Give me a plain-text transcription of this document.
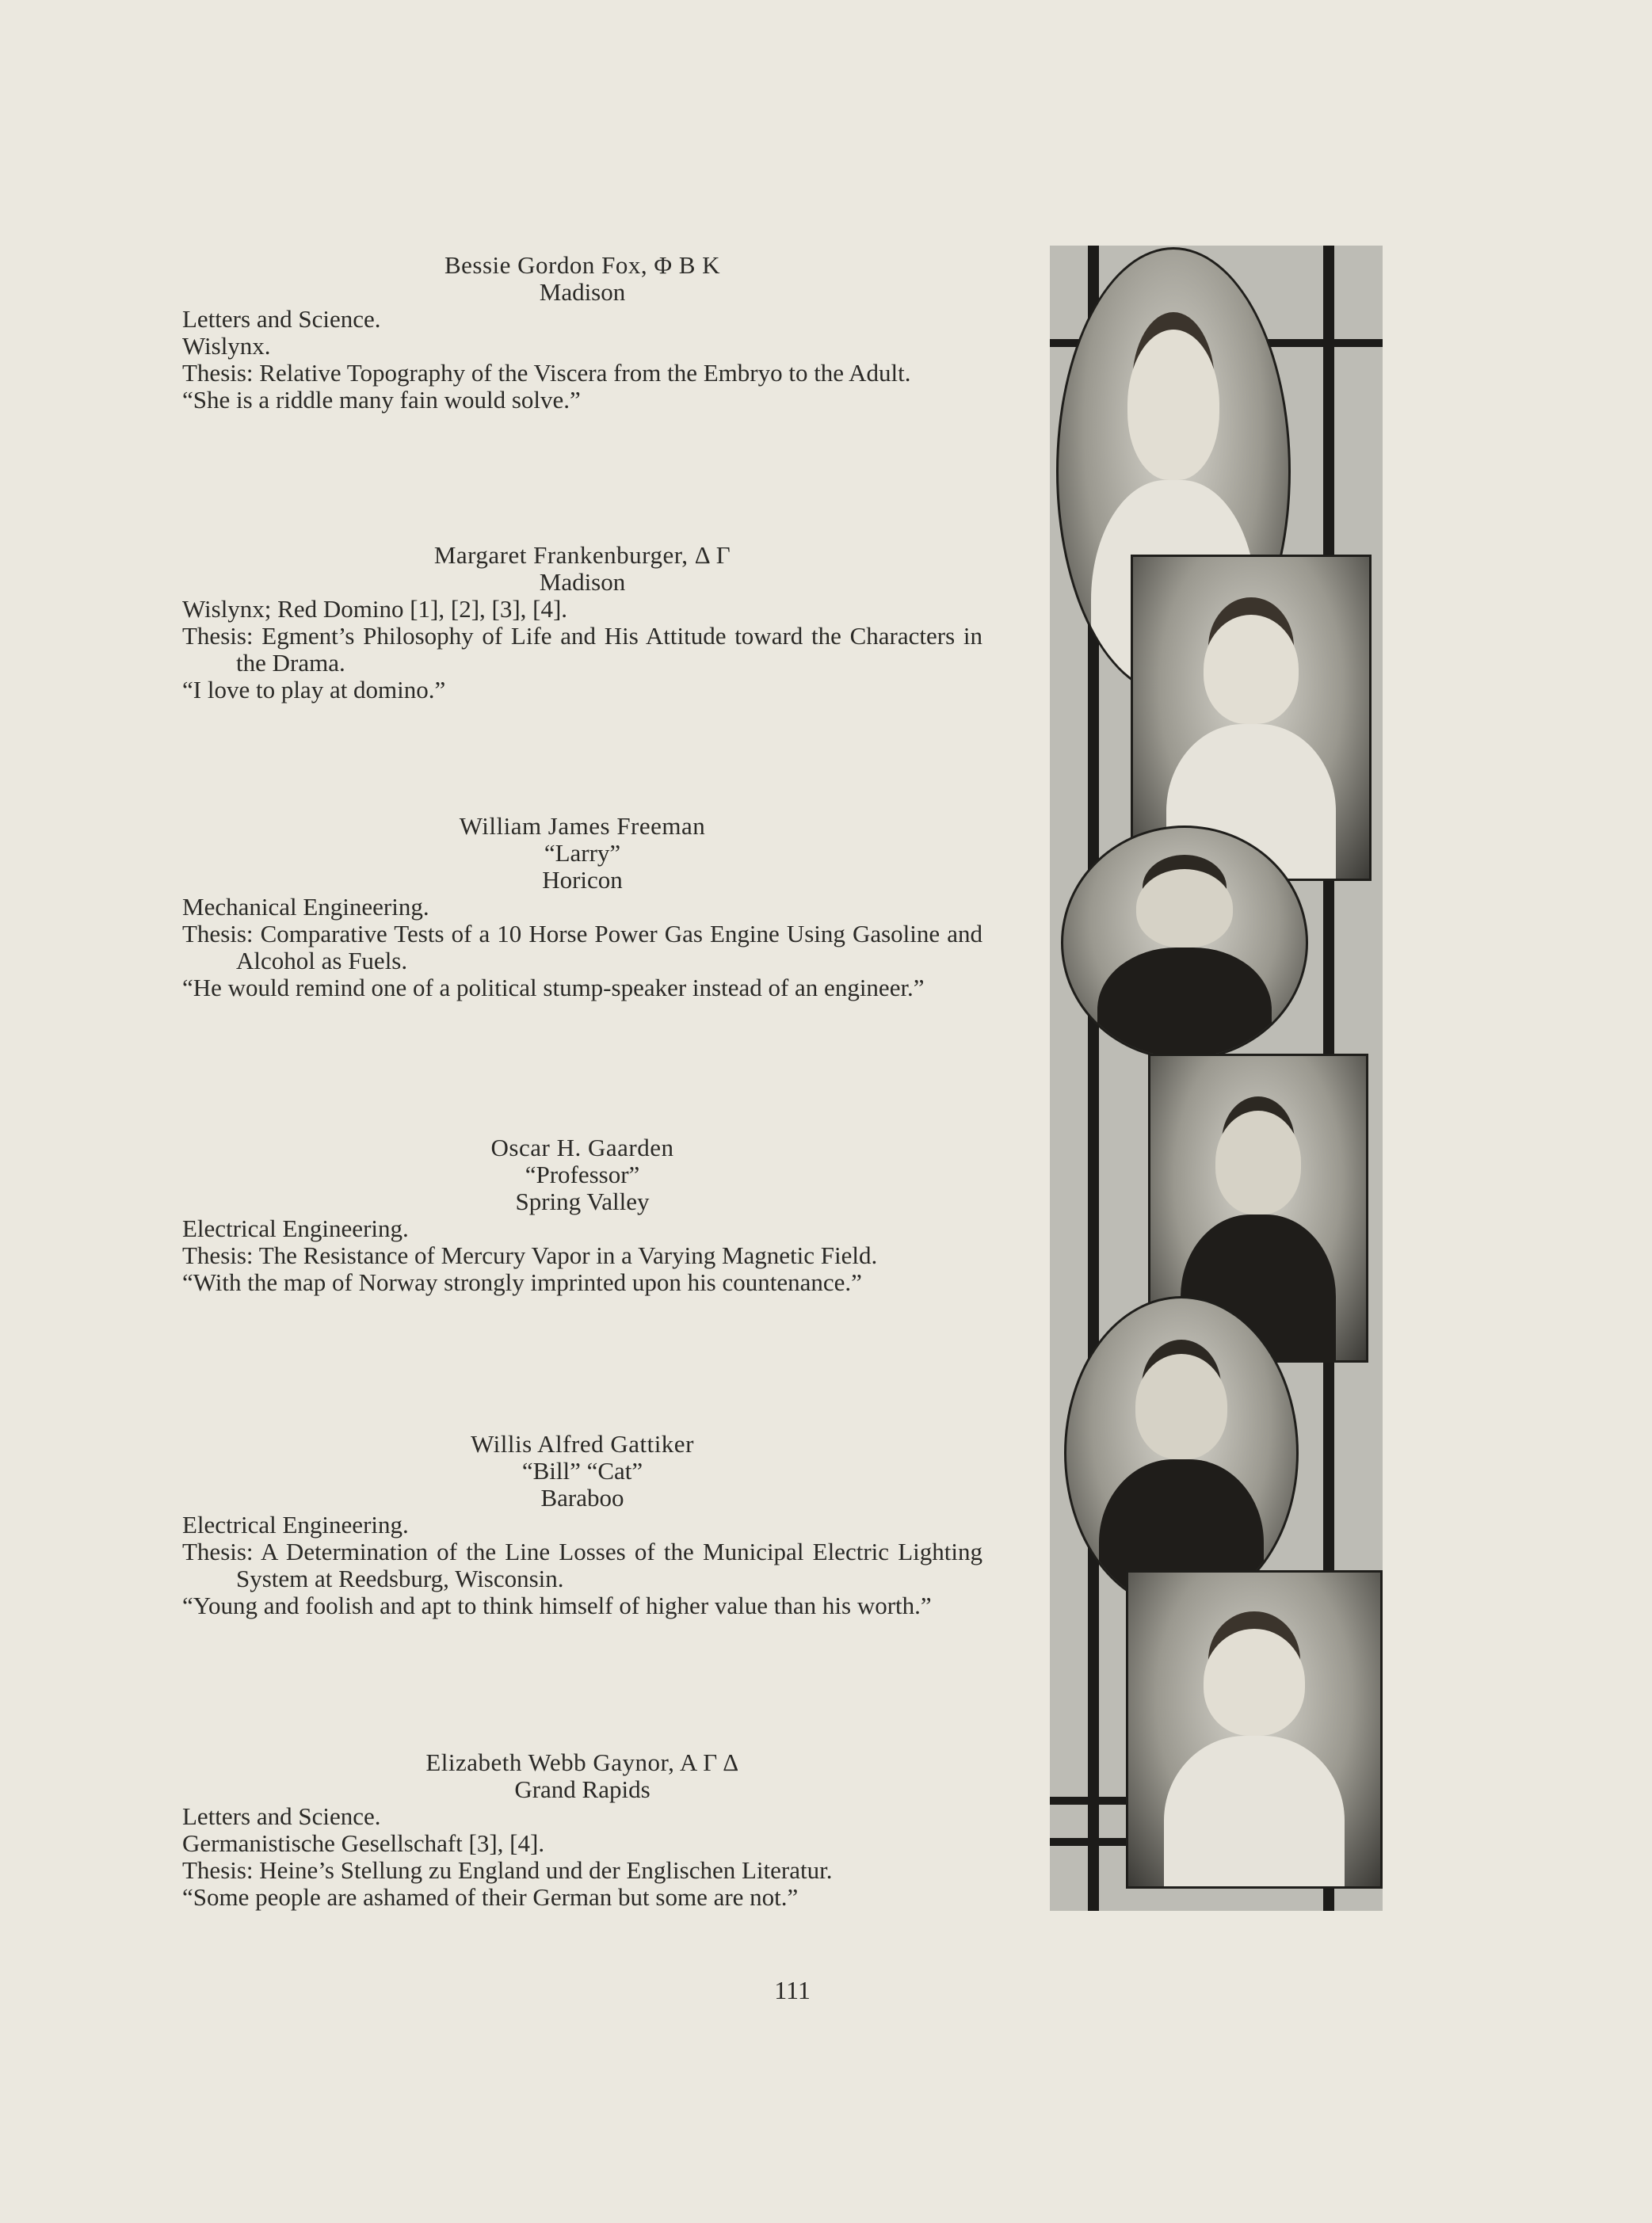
Bessie Gordon Fox, Φ B K
Madison
Letters and Science.
Wislynx.
Thesis: Relative Topography of the Viscera from the Embryo to the Adult.
“She is a riddle many fain would solve.”
Margaret Frankenburger, Δ Γ
Madison
Wislynx; Red Domino [1], [2], [3], [4].
Thesis: Egment’s Philosophy of Life and His Attitude toward the Characters in the Drama.
“I love to play at domino.”
William James Freeman
“Larry”
Horicon
Mechanical Engineering.
Thesis: Comparative Tests of a 10 Horse Power Gas Engine Using Gasoline and Alcohol as Fuels.
“He would remind one of a political stump-speaker instead of an engineer.”
Oscar H. Gaarden
“Professor”
Spring Valley
Electrical Engineering.
Thesis: The Resistance of Mercury Vapor in a Varying Magnetic Field.
“With the map of Norway strongly imprinted upon his countenance.”
Willis Alfred Gattiker
“Bill” “Cat”
Baraboo
Electrical Engineering.
Thesis: A Determination of the Line Losses of the Municipal Electric Lighting System at Reedsburg, Wisconsin.
“Young and foolish and apt to think himself of higher value than his worth.”
Elizabeth Webb Gaynor, A Γ Δ
Grand Rapids
Letters and Science.
Germanistische Gesellschaft [3], [4].
Thesis: Heine’s Stellung zu England und der Englischen Literatur.
“Some people are ashamed of their German but some are not.”
111
